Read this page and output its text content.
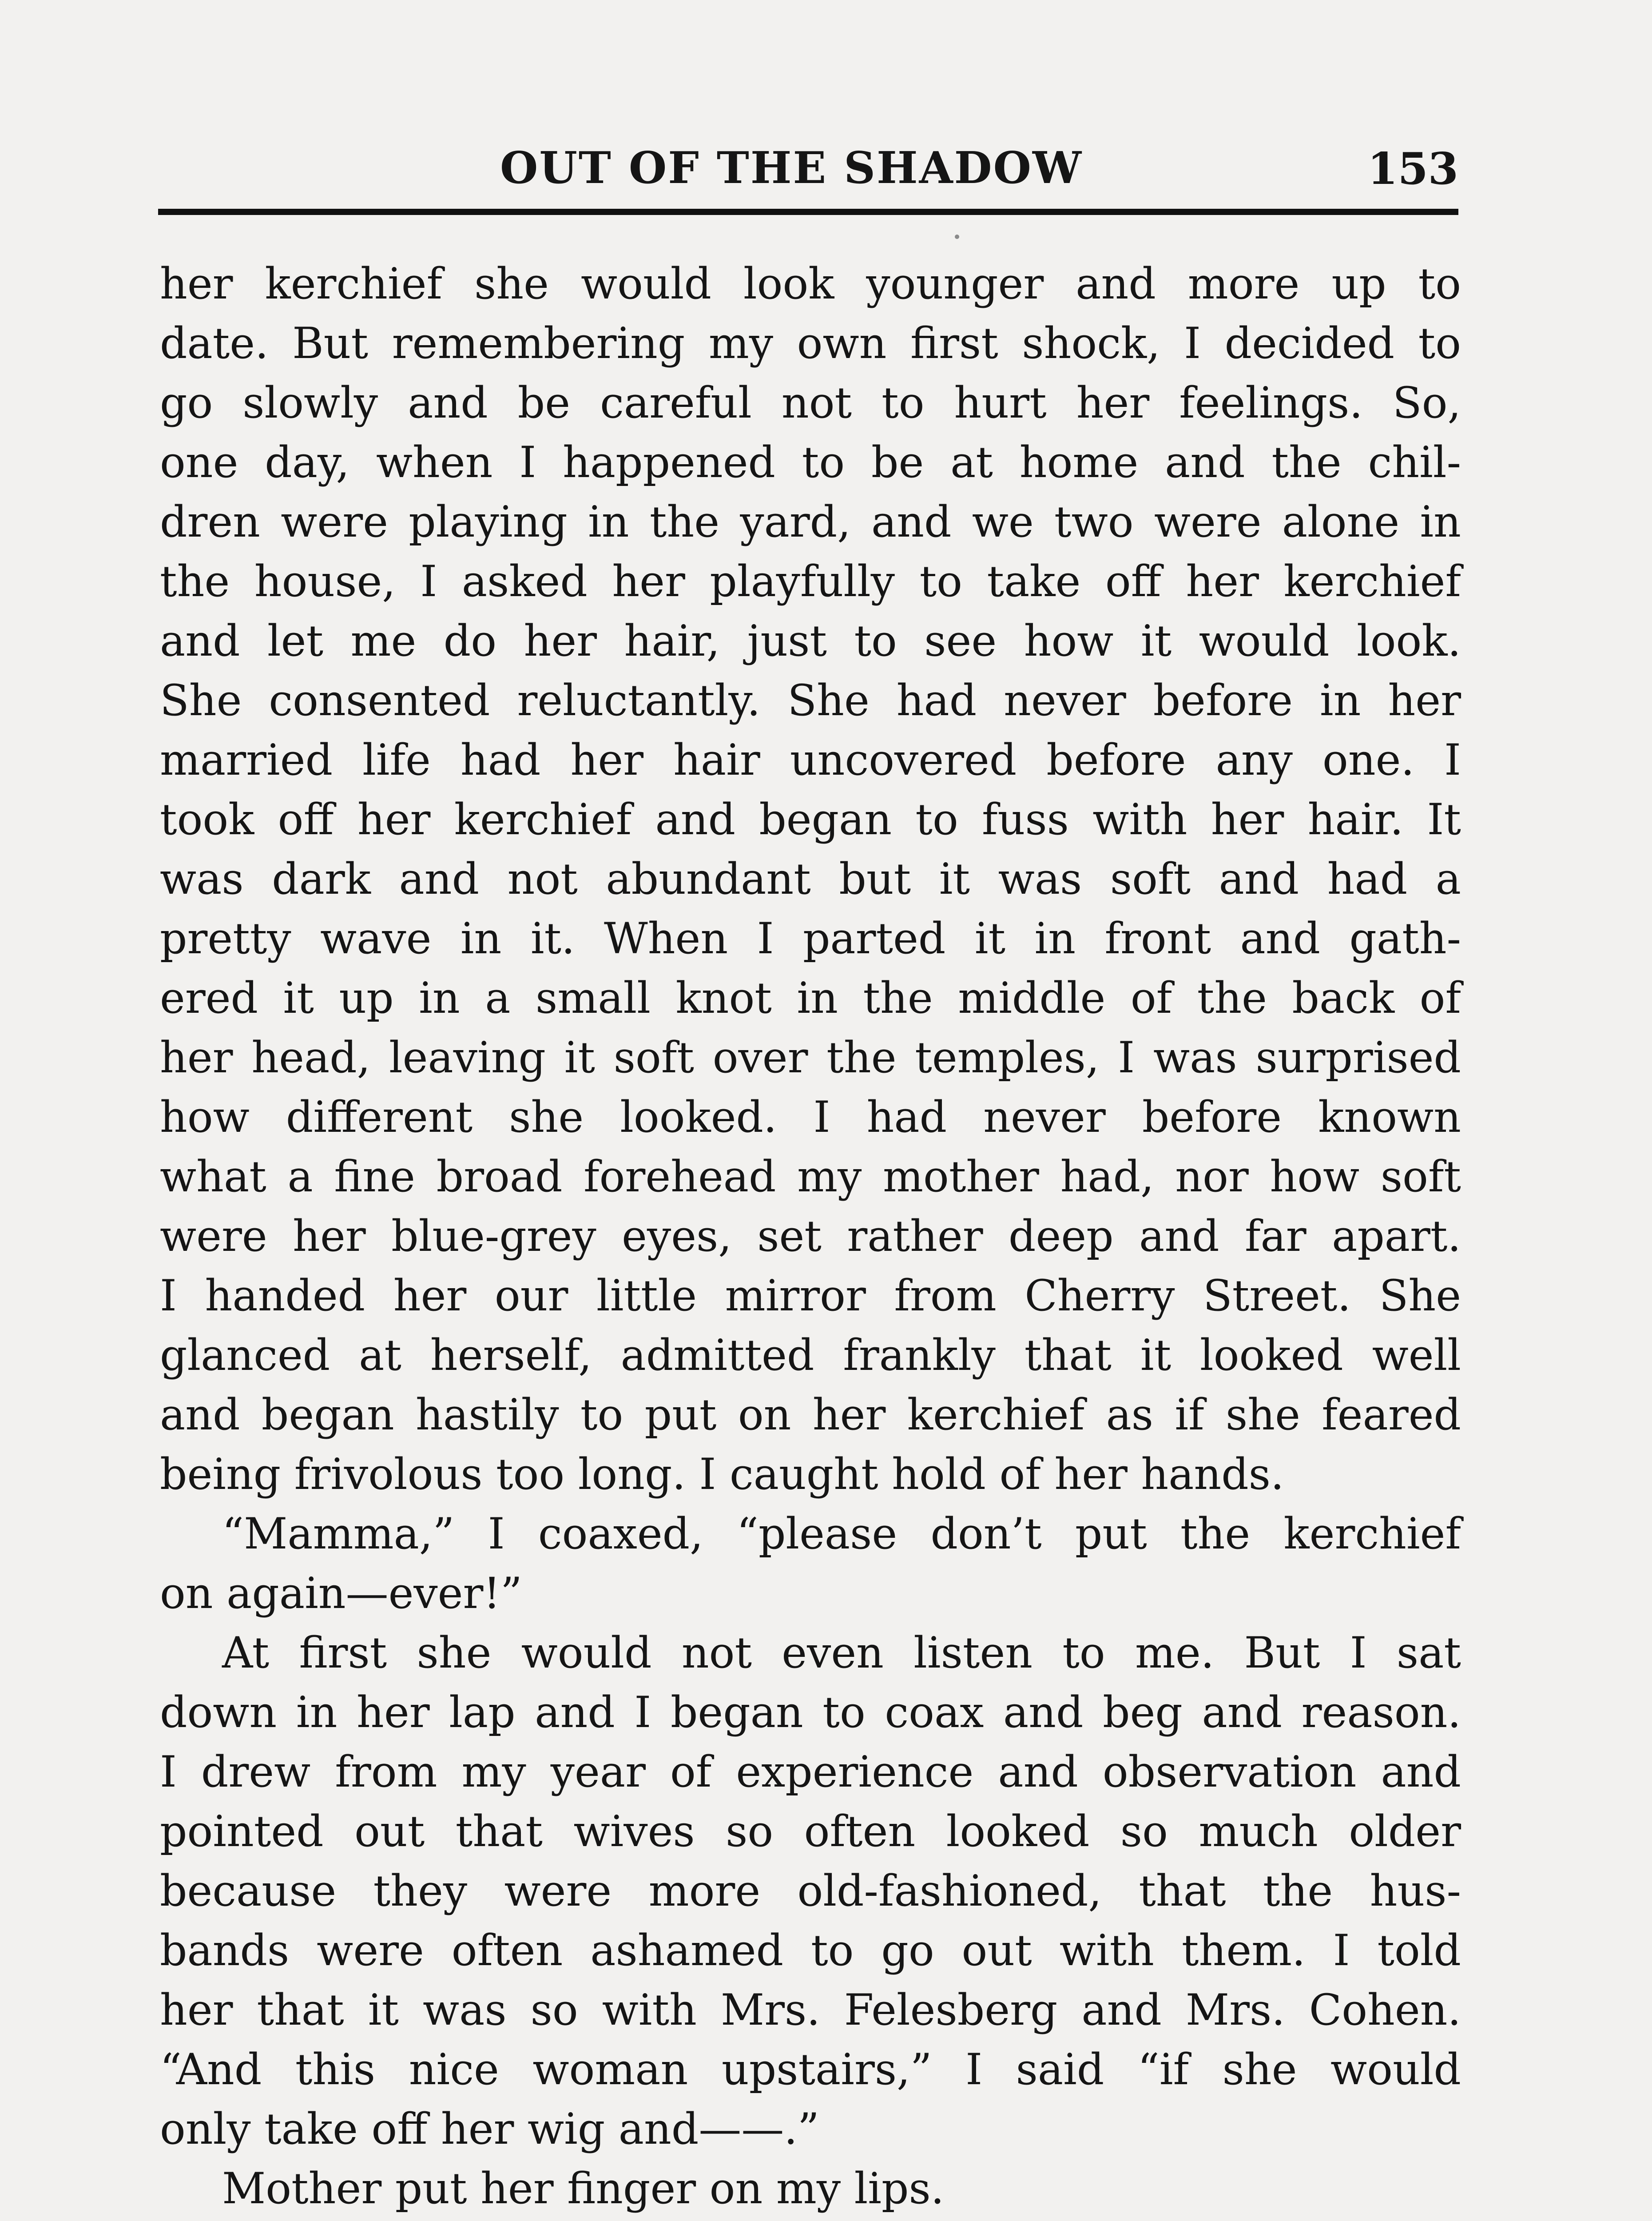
OUT OF THE SHADOW	153
her kerchief she would look younger and more up to
date. But remembering my own first shock, I decided to
go slowly and be careful not to hurt her feelings. So,
one day, when I happened to be at home and the chil-
dren were playing in the yard, and we two were alone in
the house, I asked her playfully to take off her kerchief
and let me do her hair, just to see how it would look.
She consented reluctantly. She had never before in her
married life had her hair uncovered before any one. I
took off her kerchief and began to fuss with her hair. It
was dark and not abundant but it was soft and had a
pretty wave in it. When I parted it in front and gath-
ered it up in a small knot in the middle of the back of
her head, leaving it soft over the temples, I was surprised
how different she looked. I had never before known
what a fine broad forehead my mother had, nor how soft
were her blue-grey eyes, set rather deep and far apart.
I handed her our little mirror from Cherry Street. She
glanced at herself, admitted frankly that it looked well
and began hastily to put on her kerchief as if she feared
being frivolous too long. I caught hold of her hands.
“Mamma,” I coaxed, “please don’t put the kerchief
on again—ever!”
At first she would not even listen to me. But I sat
down in her lap and I began to coax and beg and reason.
I drew from my year of experience and observation and
pointed out that wives so often looked so much older
because they were more old-fashioned, that the hus-
bands were often ashamed to go out with them. I told
her that it was so with Mrs. Felesberg and Mrs. Cohen.
“And this nice woman upstairs,” I said “if she would
only take off her wig and——.”
Mother put her finger on my lips.
